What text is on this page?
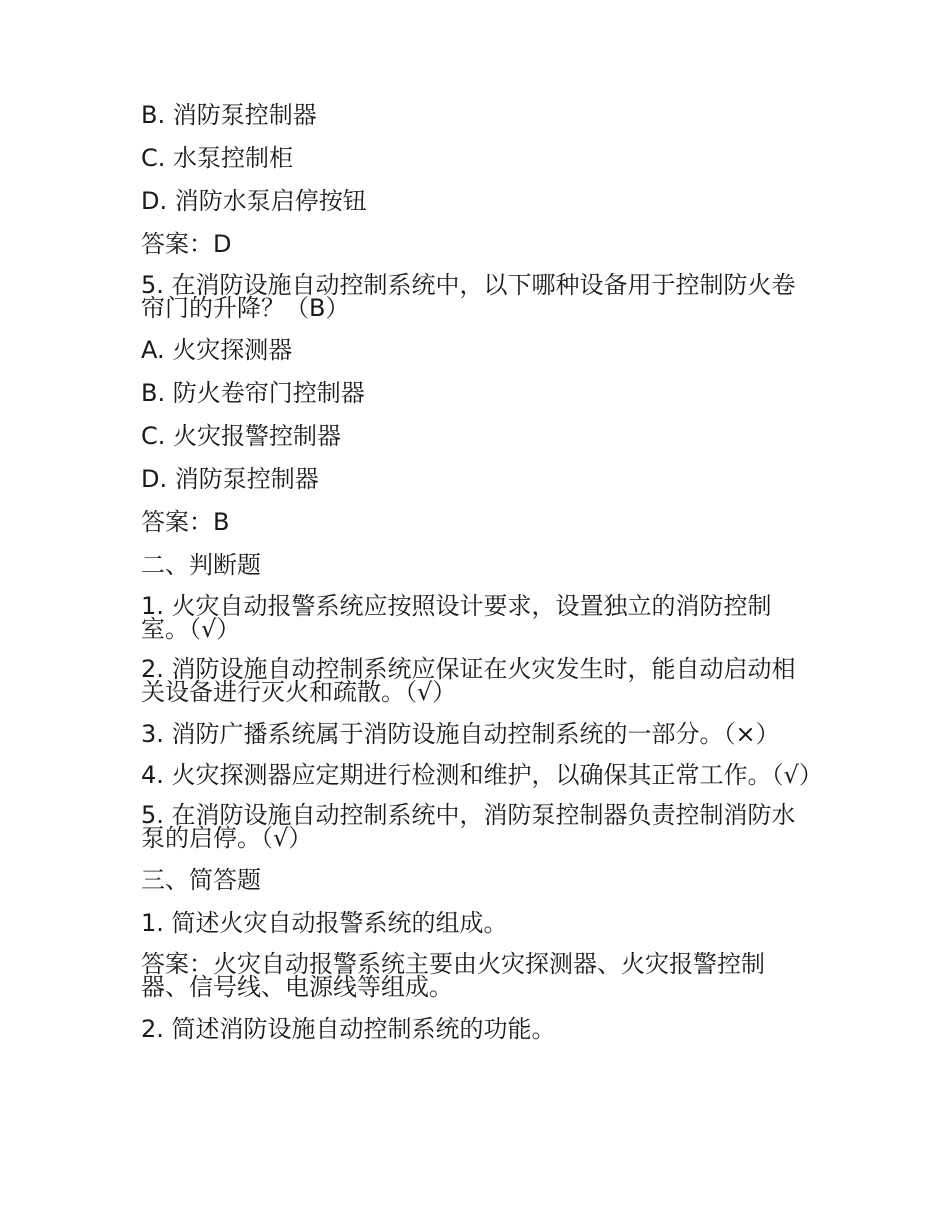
B. 消防泵控制器

C. 水泵控制柜

D. 消防水泵启停按钮

答案：D

5. 在消防设施自动控制系统中，以下哪种设备用于控制防火卷帘门的升降？（B）

A. 火灾探测器

B. 防火卷帘门控制器

C. 火灾报警控制器

D. 消防泵控制器

答案：B

二、判断题

1. 火灾自动报警系统应按照设计要求，设置独立的消防控制室。（√）

2. 消防设施自动控制系统应保证在火灾发生时，能自动启动相关设备进行灭火和疏散。（√）

3. 消防广播系统属于消防设施自动控制系统的一部分。（×）

4. 火灾探测器应定期进行检测和维护，以确保其正常工作。（√）

5. 在消防设施自动控制系统中，消防泵控制器负责控制消防水泵的启停。（√）

三、简答题

1. 简述火灾自动报警系统的组成。

答案：火灾自动报警系统主要由火灾探测器、火灾报警控制器、信号线、电源线等组成。

2. 简述消防设施自动控制系统的功能。
